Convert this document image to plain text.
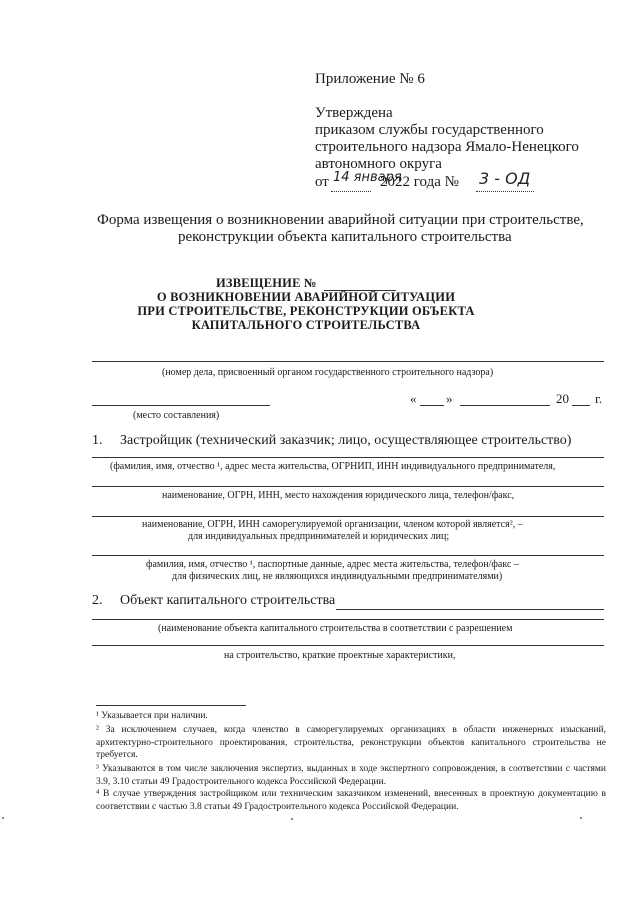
Приложение № 6
Утверждена
приказом службы государственного
строительного надзора Ямало-Ненецкого
автономного округа
от 14 января
2022 года № 3 - ОД
Форма извещения о возникновении аварийной ситуации при строительстве,
реконструкции объекта капитального строительства
ИЗВЕЩЕНИЕ №
О ВОЗНИКНОВЕНИИ АВАРИЙНОЙ СИТУАЦИИ
ПРИ СТРОИТЕЛЬСТВЕ, РЕКОНСТРУКЦИИ ОБЪЕКТА
КАПИТАЛЬНОГО СТРОИТЕЛЬСТВА
(номер дела, присвоенный органом государственного строительного надзора)
(место составления)
« »	20 г.
1. Застройщик (технический заказчик; лицо, осуществляющее строительство)
(фамилия, имя, отчество ¹, адрес места жительства, ОГРНИП, ИНН индивидуального предпринимателя,
наименование, ОГРН, ИНН, место нахождения юридического лица, телефон/факс,
наименование, ОГРН, ИНН саморегулируемой организации, членом которой является², –
для индивидуальных предпринимателей и юридических лиц;
фамилия, имя, отчество ¹, паспортные данные, адрес места жительства, телефон/факс –
для физических лиц, не являющихся индивидуальными предпринимателями)
2. Объект капитального строительства
(наименование объекта капитального строительства в соответствии с разрешением
на строительство, краткие проектные характеристики,
¹ Указывается при наличии.
² За исключением случаев, когда членство в саморегулируемых организациях в области инженерных изысканий, архитектурно-строительного проектирования, строительства, реконструкции объектов капитального строительства не требуется.
³ Указываются в том числе заключения экспертиз, выданных в ходе экспертного сопровождения, в соответствии с частями 3.9, 3.10 статьи 49 Градостроительного кодекса Российской Федерации.
⁴ В случае утверждения застройщиком или техническим заказчиком изменений, внесенных в проектную документацию в соответствии с частью 3.8 статьи 49 Градостроительного кодекса Российской Федерации.
